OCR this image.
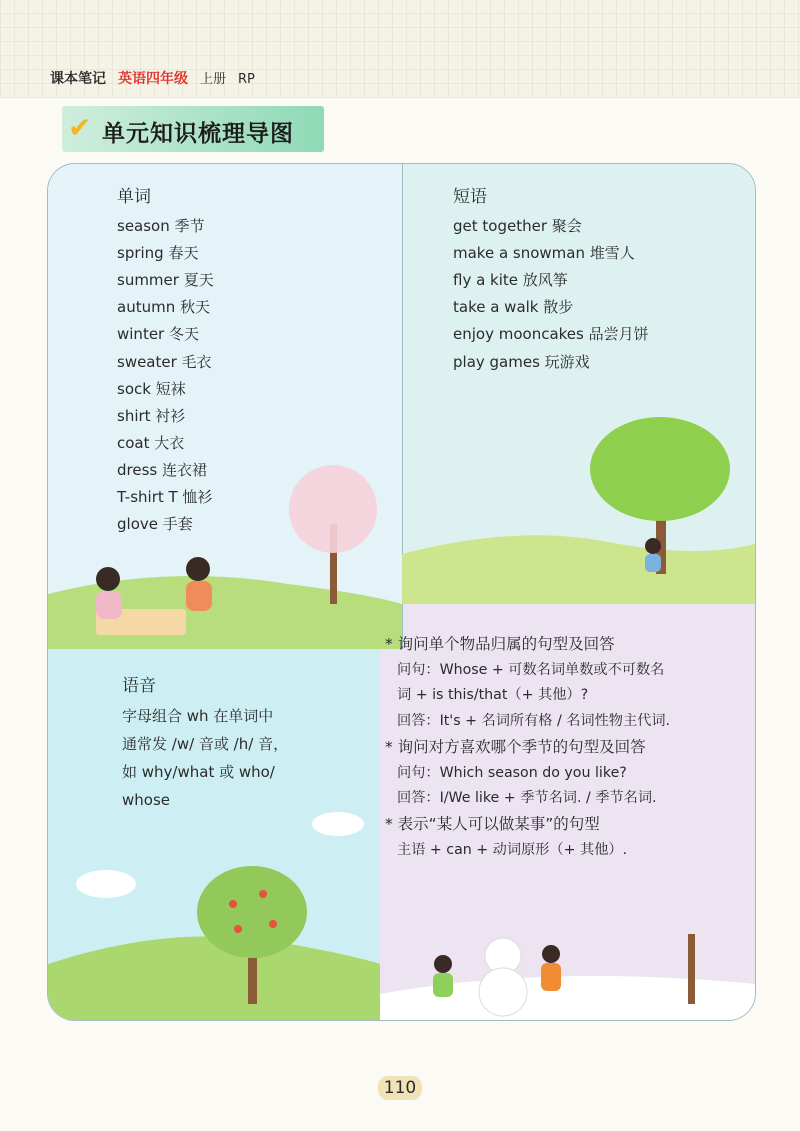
课本笔记 英语四年级 上册 RP
✔ 单元知识梳理导图
单词
season 季节
spring 春天
summer 夏天
autumn 秋天
winter 冬天
sweater 毛衣
sock 短袜
shirt 衬衫
coat 大衣
dress 连衣裙
T-shirt T 恤衫
glove 手套
短语
get together 聚会
make a snowman 堆雪人
fly a kite 放风筝
take a walk 散步
enjoy mooncakes 品尝月饼
play games 玩游戏
语音
字母组合 wh 在单词中
通常发 /w/ 音或 /h/ 音，
如 why/what 或 who/
whose
* 询问单个物品归属的句型及回答
问句：Whose + 可数名词单数或不可数名
词 + is this/that（+ 其他）?
回答：It's + 名词所有格 / 名词性物主代词.
* 询问对方喜欢哪个季节的句型及回答
问句：Which season do you like?
回答：I/We like + 季节名词. / 季节名词.
* 表示“某人可以做某事”的句型
主语 + can + 动词原形（+ 其他）.
110
